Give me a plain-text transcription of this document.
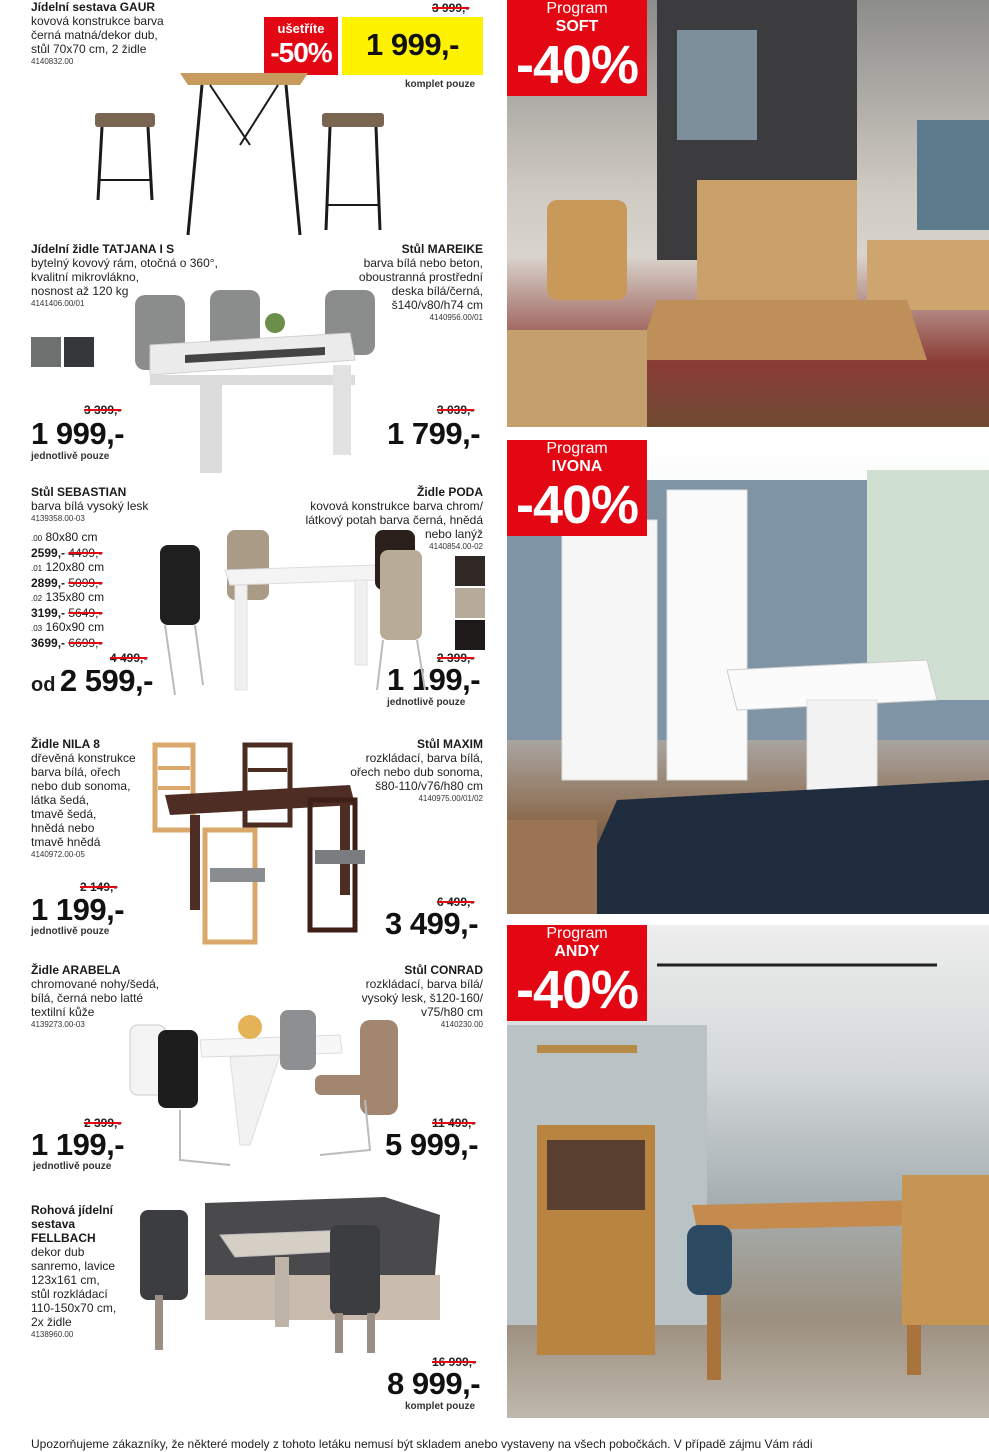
Jídelní sestava GAUR
kovová konstrukce barva
černá matná/dekor dub,
stůl 70x70 cm, 2 židle
4140832.00
ušetříte
-50%
3 999,-
1 999,-
komplet pouze
Jídelní židle TATJANA I S
bytelný kovový rám, otočná o 360°,
kvalitní mikrovlákno,
nosnost až 120 kg
4141406.00/01
3 399,-
1 999,-
jednotlivě pouze
Stůl MAREIKE
barva bílá nebo beton,
oboustranná prostřední
deska bílá/černá,
š140/v80/h74 cm
4140956.00/01
3 039,-
1 799,-
Stůl SEBASTIAN
barva bílá vysoký lesk
4139358.00-03
.00 80x80 cm
2599,- 4499,-
.01 120x80 cm
2899,- 5099,-
.02 135x80 cm
3199,- 5649,-
.03 160x90 cm
3699,- 6699,-
4 499,-
od 2 599,-
Židle PODA
kovová konstrukce barva chrom/
látkový potah barva černá, hnědá
nebo lanýž
4140854.00-02
2 399,-
1 199,-
jednotlivě pouze
Židle NILA 8
dřevěná konstrukce
barva bílá, ořech
nebo dub sonoma,
látka šedá,
tmavě šedá,
hnědá nebo
tmavě hnědá
4140972.00-05
2 149,-
1 199,-
jednotlivě pouze
Stůl MAXIM
rozkládací, barva bílá,
ořech nebo dub sonoma,
š80-110/v76/h80 cm
4140975.00/01/02
6 499,-
3 499,-
Židle ARABELA
chromované nohy/šedá,
bílá, černá nebo latté
textilní kůže
4139273.00-03
2 399,-
1 199,-
jednotlivě pouze
Stůl CONRAD
rozkládací, barva bílá/
vysoký lesk, š120-160/
v75/h80 cm
4140230.00
11 499,-
5 999,-
Rohová jídelní
sestava
FELLBACH
dekor dub
sanremo, lavice
123x161 cm,
stůl rozkládací
110-150x70 cm,
2x židle
4138960.00
16 999,-
8 999,-
komplet pouze
Program
SOFT
-40%
Program
IVONA
-40%
Program
ANDY
-40%
Upozorňujeme zákazníky, že některé modely z tohoto letáku nemusí být skladem anebo vystaveny na všech pobočkách. V případě zájmu Vám rádi
